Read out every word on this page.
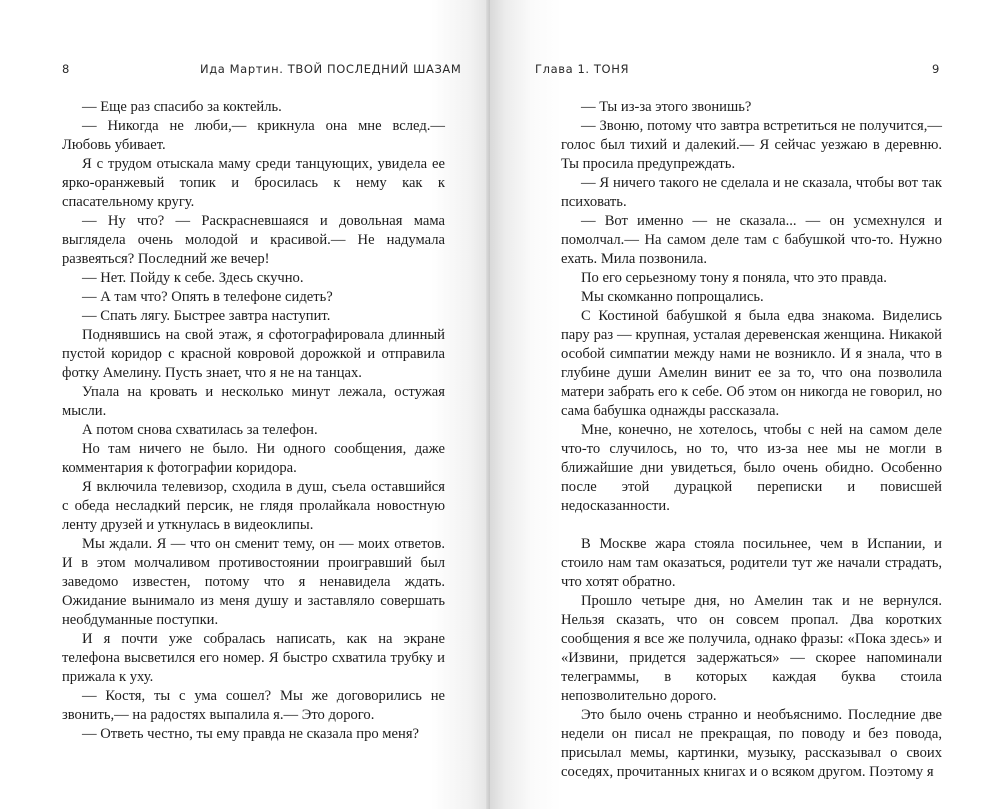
8	Ида Мартин. ТВОЙ ПОСЛЕДНИЙ ШАЗАМ

— Еще раз спасибо за коктейль.

— Никогда не люби,— крикнула она мне вслед.— Любовь убивает.

Я с трудом отыскала маму среди танцующих, увидела ее ярко-оранжевый топик и бросилась к нему как к спасательному кругу.

— Ну что? — Раскрасневшаяся и довольная мама выглядела очень молодой и красивой.— Не надумала развеяться? Последний же вечер!

— Нет. Пойду к себе. Здесь скучно.

— А там что? Опять в телефоне сидеть?

— Спать лягу. Быстрее завтра наступит.

Поднявшись на свой этаж, я сфотографировала длинный пустой коридор с красной ковровой дорожкой и отправила фотку Амелину. Пусть знает, что я не на танцах.

Упала на кровать и несколько минут лежала, остужая мысли.

А потом снова схватилась за телефон.

Но там ничего не было. Ни одного сообщения, даже комментария к фотографии коридора.

Я включила телевизор, сходила в душ, съела оставшийся с обеда несладкий персик, не глядя пролайкала новостную ленту друзей и уткнулась в видеоклипы.

Мы ждали. Я — что он сменит тему, он — моих ответов. И в этом молчаливом противостоянии проигравший был заведомо известен, потому что я ненавидела ждать. Ожидание вынимало из меня душу и заставляло совершать необдуманные поступки.

И я почти уже собралась написать, как на экране телефона высветился его номер. Я быстро схватила трубку и прижала к уху.

— Костя, ты с ума сошел? Мы же договорились не звонить,— на радостях выпалила я.— Это дорого.

— Ответь честно, ты ему правда не сказала про меня?

Глава 1. ТОНЯ	9

— Ты из-за этого звонишь?

— Звоню, потому что завтра встретиться не получится,— голос был тихий и далекий.— Я сейчас уезжаю в деревню. Ты просила предупреждать.

— Я ничего такого не сделала и не сказала, чтобы вот так психовать.

— Вот именно — не сказала... — он усмехнулся и помолчал.— На самом деле там с бабушкой что-то. Нужно ехать. Мила позвонила.

По его серьезному тону я поняла, что это правда.

Мы скомканно попрощались.

С Костиной бабушкой я была едва знакома. Виделись пару раз — крупная, усталая деревенская женщина. Никакой особой симпатии между нами не возникло. И я знала, что в глубине души Амелин винит ее за то, что она позволила матери забрать его к себе. Об этом он никогда не говорил, но сама бабушка однажды рассказала.

Мне, конечно, не хотелось, чтобы с ней на самом деле что-то случилось, но то, что из-за нее мы не могли в ближайшие дни увидеться, было очень обидно. Особенно после этой дурацкой переписки и повисшей недосказанности.

В Москве жара стояла посильнее, чем в Испании, и стоило нам там оказаться, родители тут же начали страдать, что хотят обратно.

Прошло четыре дня, но Амелин так и не вернулся. Нельзя сказать, что он совсем пропал. Два коротких сообщения я все же получила, однако фразы: «Пока здесь» и «Извини, придется задержаться» — скорее напоминали телеграммы, в которых каждая буква стоила непозволительно дорого.

Это было очень странно и необъяснимо. Последние две недели он писал не прекращая, по поводу и без повода, присылал мемы, картинки, музыку, рассказывал о своих соседях, прочитанных книгах и о всяком другом. Поэтому я
